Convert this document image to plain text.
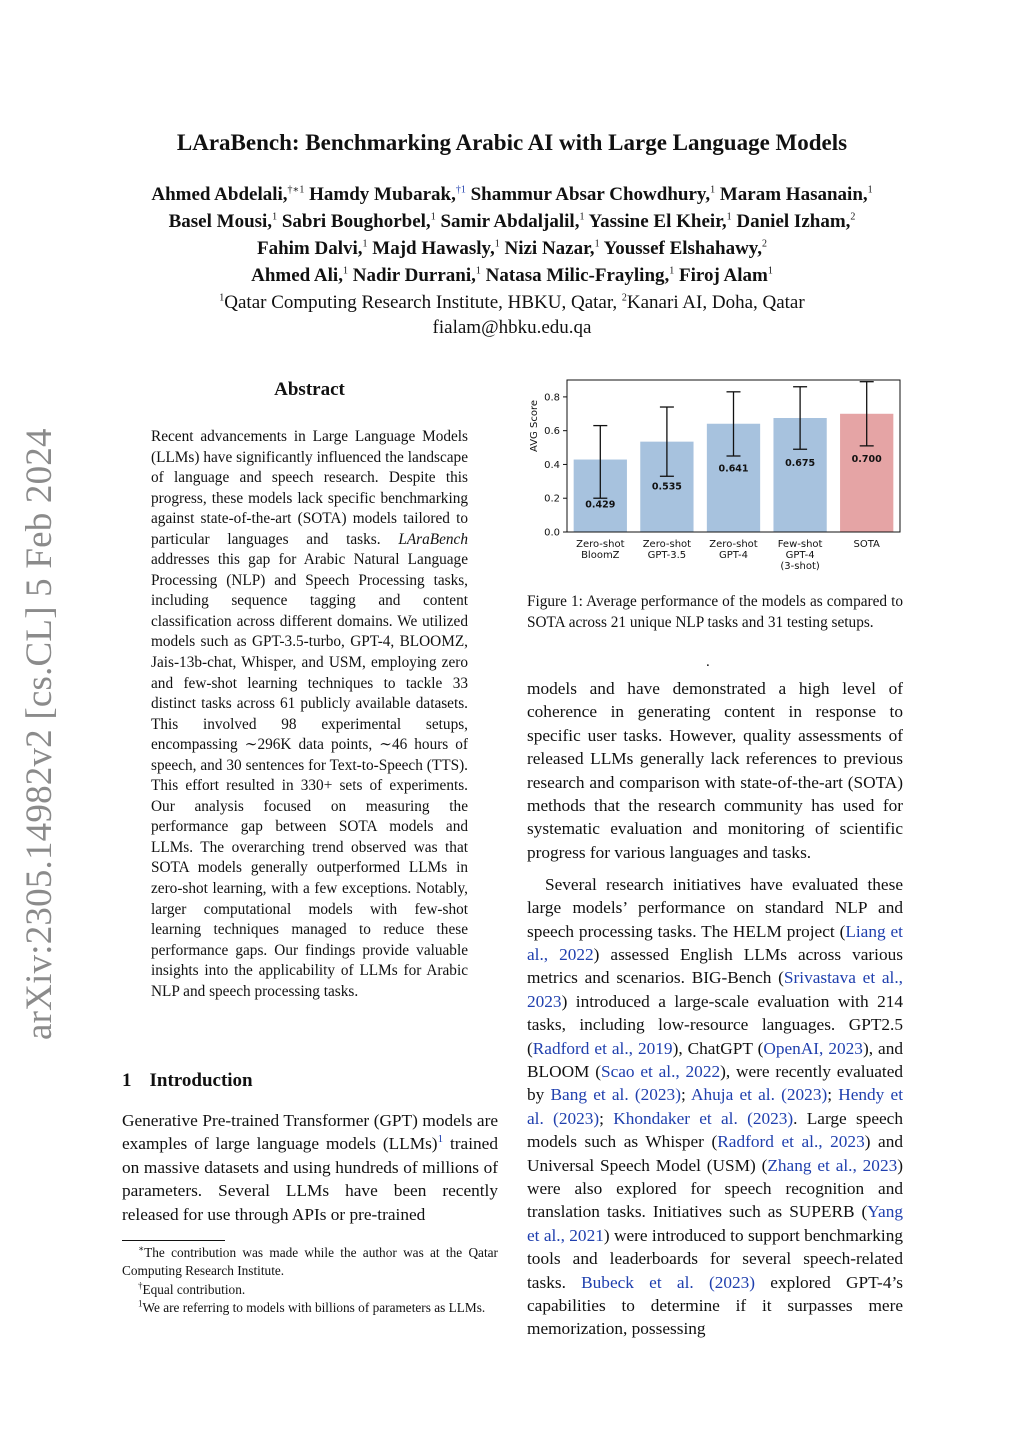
arXiv:2305.14982v2 [cs.CL] 5 Feb 2024
LAraBench: Benchmarking Arabic AI with Large Language Models
Ahmed Abdelali,$^{\dagger∗1}$ Hamdy Mubarak,$^{\dagger 1}$ Shammur Absar Chowdhury,$^1$ Maram Hasanain,$^1$
Basel Mousi,$^1$ Sabri Boughorbel,$^1$ Samir Abdaljalil,$^1$ Yassine El Kheir,$^1$ Daniel Izham,$^2$
Fahim Dalvi,$^1$ Majd Hawasly,$^1$ Nizi Nazar,$^1$ Youssef Elshahawy,$^2$
Ahmed Ali,$^1$ Nadir Durrani,$^1$ Natasa Milic-Frayling,$^1$ Firoj Alam$^1$
$^1$Qatar Computing Research Institute, HBKU, Qatar, $^2$Kanari AI, Doha, Qatar
fialam@hbku.edu.qa
Abstract

Recent advancements in Large Language Models (LLMs) have significantly influenced the landscape of language and speech research. Despite this progress, these models lack specific benchmarking against state-of-the-art (SOTA) models tailored to particular languages and tasks. LAraBench addresses this gap for Arabic Natural Language Processing (NLP) and Speech Processing tasks, including sequence tagging and content classification across different domains. We utilized models such as GPT-3.5-turbo, GPT-4, BLOOMZ, Jais-13b-chat, Whisper, and USM, employing zero and few-shot learning techniques to tackle 33 distinct tasks across 61 publicly available datasets. This involved 98 experimental setups, encompassing ∼296K data points, ∼46 hours of speech, and 30 sentences for Text-to-Speech (TTS). This effort resulted in 330+ sets of experiments. Our analysis focused on measuring the performance gap between SOTA models and LLMs. The overarching trend observed was that SOTA models generally outperformed LLMs in zero-shot learning, with a few exceptions. Notably, larger computational models with few-shot learning techniques managed to reduce these performance gaps. Our findings provide valuable insights into the applicability of LLMs for Arabic NLP and speech processing tasks.

1 Introduction

Generative Pre-trained Transformer (GPT) models are examples of large language models (LLMs)$^1$ trained on massive datasets and using hundreds of millions of parameters. Several LLMs have been recently released for use through APIs or pre-trained

∗The contribution was made while the author was at the Qatar Computing Research Institute.

†Equal contribution.

$^1$We are referring to models with billions of parameters as LLMs.

0.429
Zero-shot
BloomZ
0.535
Zero-shot
GPT-3.5
0.641
Zero-shot
GPT-4
0.675
Few-shot
GPT-4
(3-shot)
0.700
SOTA
0.0
0.2
0.4
0.6
0.8
AVG Score

Figure 1: Average performance of the models as compared to SOTA across 21 unique NLP tasks and 31 testing setups.

.

models and have demonstrated a high level of coherence in generating content in response to specific user tasks. However, quality assessments of released LLMs generally lack references to previous research and comparison with state-of-the-art (SOTA) methods that the research community has used for systematic evaluation and monitoring of scientific progress for various languages and tasks.

Several research initiatives have evaluated these large models’ performance on standard NLP and speech processing tasks. The HELM project (Liang et al., 2022) assessed English LLMs across various metrics and scenarios. BIG-Bench (Srivastava et al., 2023) introduced a large-scale evaluation with 214 tasks, including low-resource languages. GPT2.5 (Radford et al., 2019), ChatGPT (OpenAI, 2023), and BLOOM (Scao et al., 2022), were recently evaluated by Bang et al. (2023); Ahuja et al. (2023); Hendy et al. (2023); Khondaker et al. (2023). Large speech models such as Whisper (Radford et al., 2023) and Universal Speech Model (USM) (Zhang et al., 2023) were also explored for speech recognition and translation tasks. Initiatives such as SUPERB (Yang et al., 2021) were introduced to support benchmarking tools and leaderboards for several speech-related tasks. Bubeck et al. (2023) explored GPT-4’s capabilities to determine if it surpasses mere memorization, possessing
